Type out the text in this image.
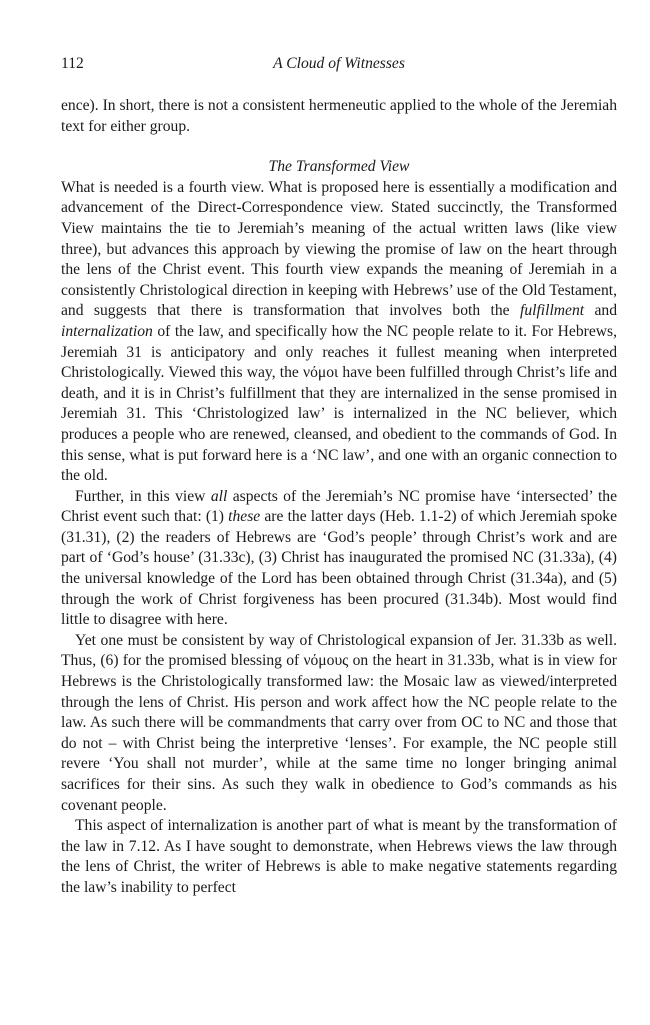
112	A Cloud of Witnesses

ence). In short, there is not a consistent hermeneutic applied to the whole of the Jeremiah text for either group.

The Transformed View

What is needed is a fourth view. What is proposed here is essentially a modification and advancement of the Direct-Correspondence view. Stated succinctly, the Transformed View maintains the tie to Jeremiah’s meaning of the actual written laws (like view three), but advances this approach by viewing the promise of law on the heart through the lens of the Christ event. This fourth view expands the meaning of Jeremiah in a consistently Christological direction in keeping with Hebrews’ use of the Old Testament, and suggests that there is transformation that involves both the fulfillment and internalization of the law, and specifically how the NC people relate to it. For Hebrews, Jeremiah 31 is anticipatory and only reaches it fullest meaning when interpreted Christologically. Viewed this way, the νόμοι have been fulfilled through Christ’s life and death, and it is in Christ’s fulfillment that they are internalized in the sense promised in Jeremiah 31. This ‘Christologized law’ is internalized in the NC believer, which produces a people who are renewed, cleansed, and obedient to the commands of God. In this sense, what is put forward here is a ‘NC law’, and one with an organic connection to the old.

Further, in this view all aspects of the Jeremiah’s NC promise have ‘intersected’ the Christ event such that: (1) these are the latter days (Heb. 1.1-2) of which Jeremiah spoke (31.31), (2) the readers of Hebrews are ‘God’s people’ through Christ’s work and are part of ‘God’s house’ (31.33c), (3) Christ has inaugurated the promised NC (31.33a), (4) the universal knowledge of the Lord has been obtained through Christ (31.34a), and (5) through the work of Christ forgiveness has been procured (31.34b). Most would find little to disagree with here.

Yet one must be consistent by way of Christological expansion of Jer. 31.33b as well. Thus, (6) for the promised blessing of νόμους on the heart in 31.33b, what is in view for Hebrews is the Christologically transformed law: the Mosaic law as viewed/interpreted through the lens of Christ. His person and work affect how the NC people relate to the law. As such there will be commandments that carry over from OC to NC and those that do not – with Christ being the interpretive ‘lenses’. For example, the NC people still revere ‘You shall not murder’, while at the same time no longer bringing animal sacrifices for their sins. As such they walk in obedience to God’s commands as his covenant people.

This aspect of internalization is another part of what is meant by the transformation of the law in 7.12. As I have sought to demonstrate, when Hebrews views the law through the lens of Christ, the writer of Hebrews is able to make negative statements regarding the law’s inability to perfect
